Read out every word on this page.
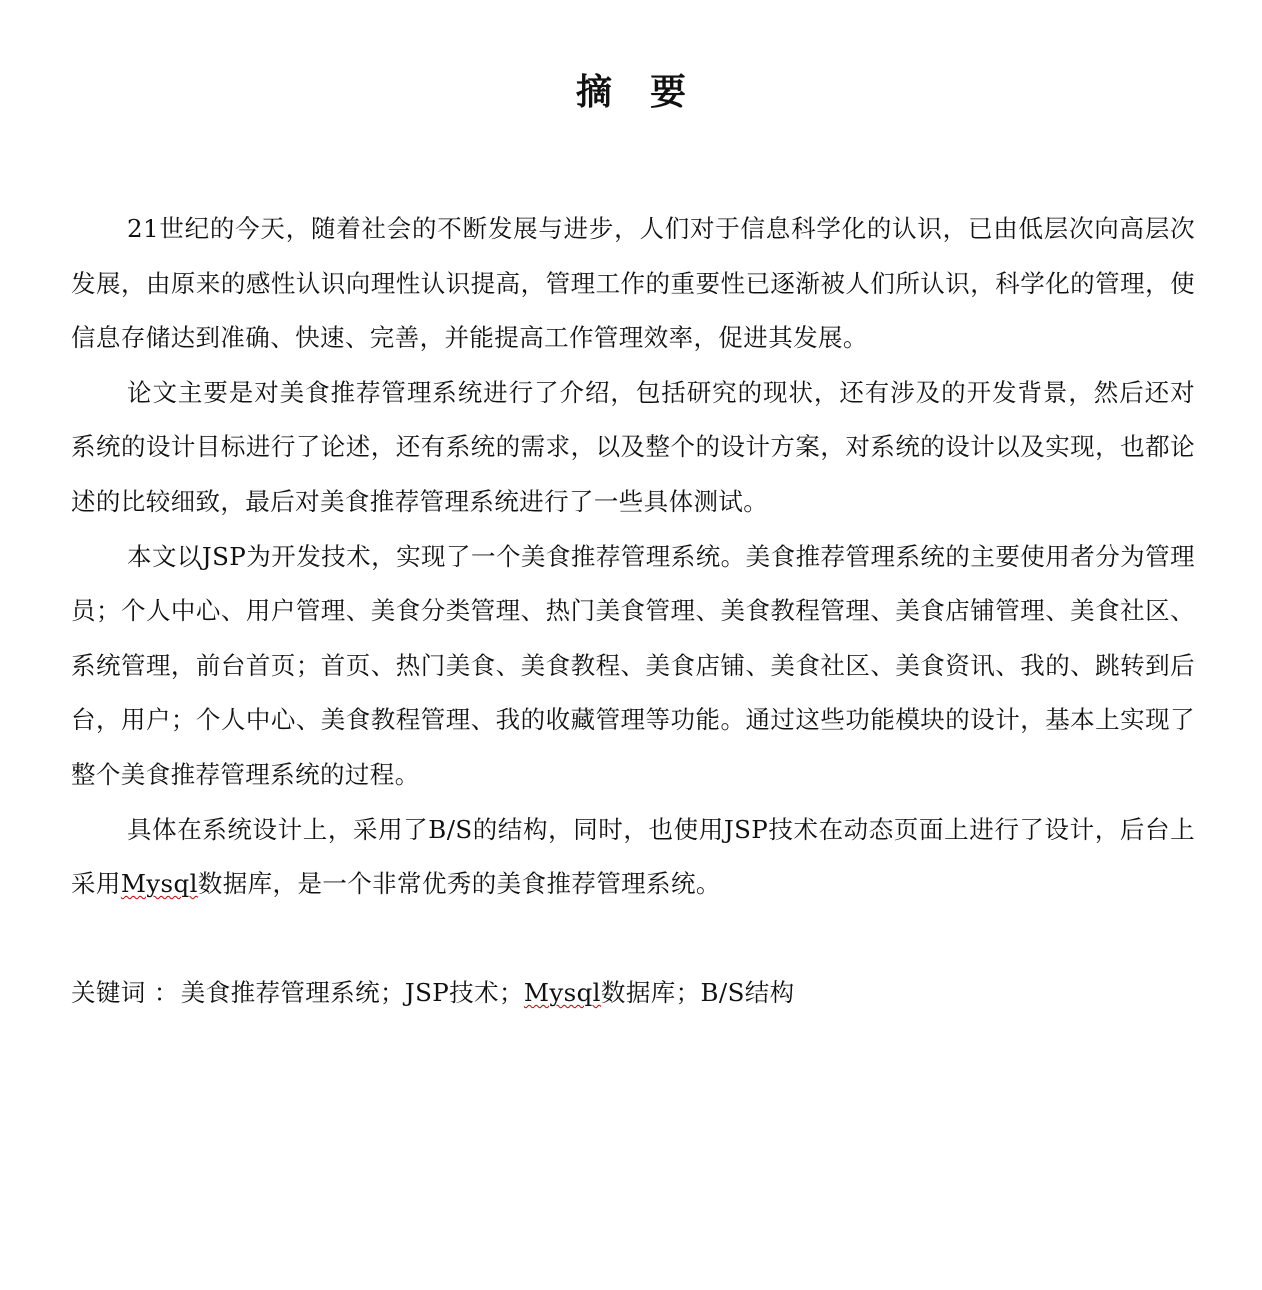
摘要

21世纪的今天，随着社会的不断发展与进步，人们对于信息科学化的认识，已由低层次向高层次发展，由原来的感性认识向理性认识提高，管理工作的重要性已逐渐被人们所认识，科学化的管理，使信息存储达到准确、快速、完善，并能提高工作管理效率，促进其发展。

论文主要是对美食推荐管理系统进行了介绍，包括研究的现状，还有涉及的开发背景，然后还对系统的设计目标进行了论述，还有系统的需求，以及整个的设计方案，对系统的设计以及实现，也都论述的比较细致，最后对美食推荐管理系统进行了一些具体测试。

本文以JSP为开发技术，实现了一个美食推荐管理系统。美食推荐管理系统的主要使用者分为管理员；个人中心、用户管理、美食分类管理、热门美食管理、美食教程管理、美食店铺管理、美食社区、系统管理，前台首页；首页、热门美食、美食教程、美食店铺、美食社区、美食资讯、我的、跳转到后台，用户；个人中心、美食教程管理、我的收藏管理等功能。通过这些功能模块的设计，基本上实现了整个美食推荐管理系统的过程。

具体在系统设计上，采用了B/S的结构，同时，也使用JSP技术在动态页面上进行了设计，后台上采用Mysql数据库，是一个非常优秀的美食推荐管理系统。

关键词 ：美食推荐管理系统；JSP技术；Mysql数据库；B/S结构
